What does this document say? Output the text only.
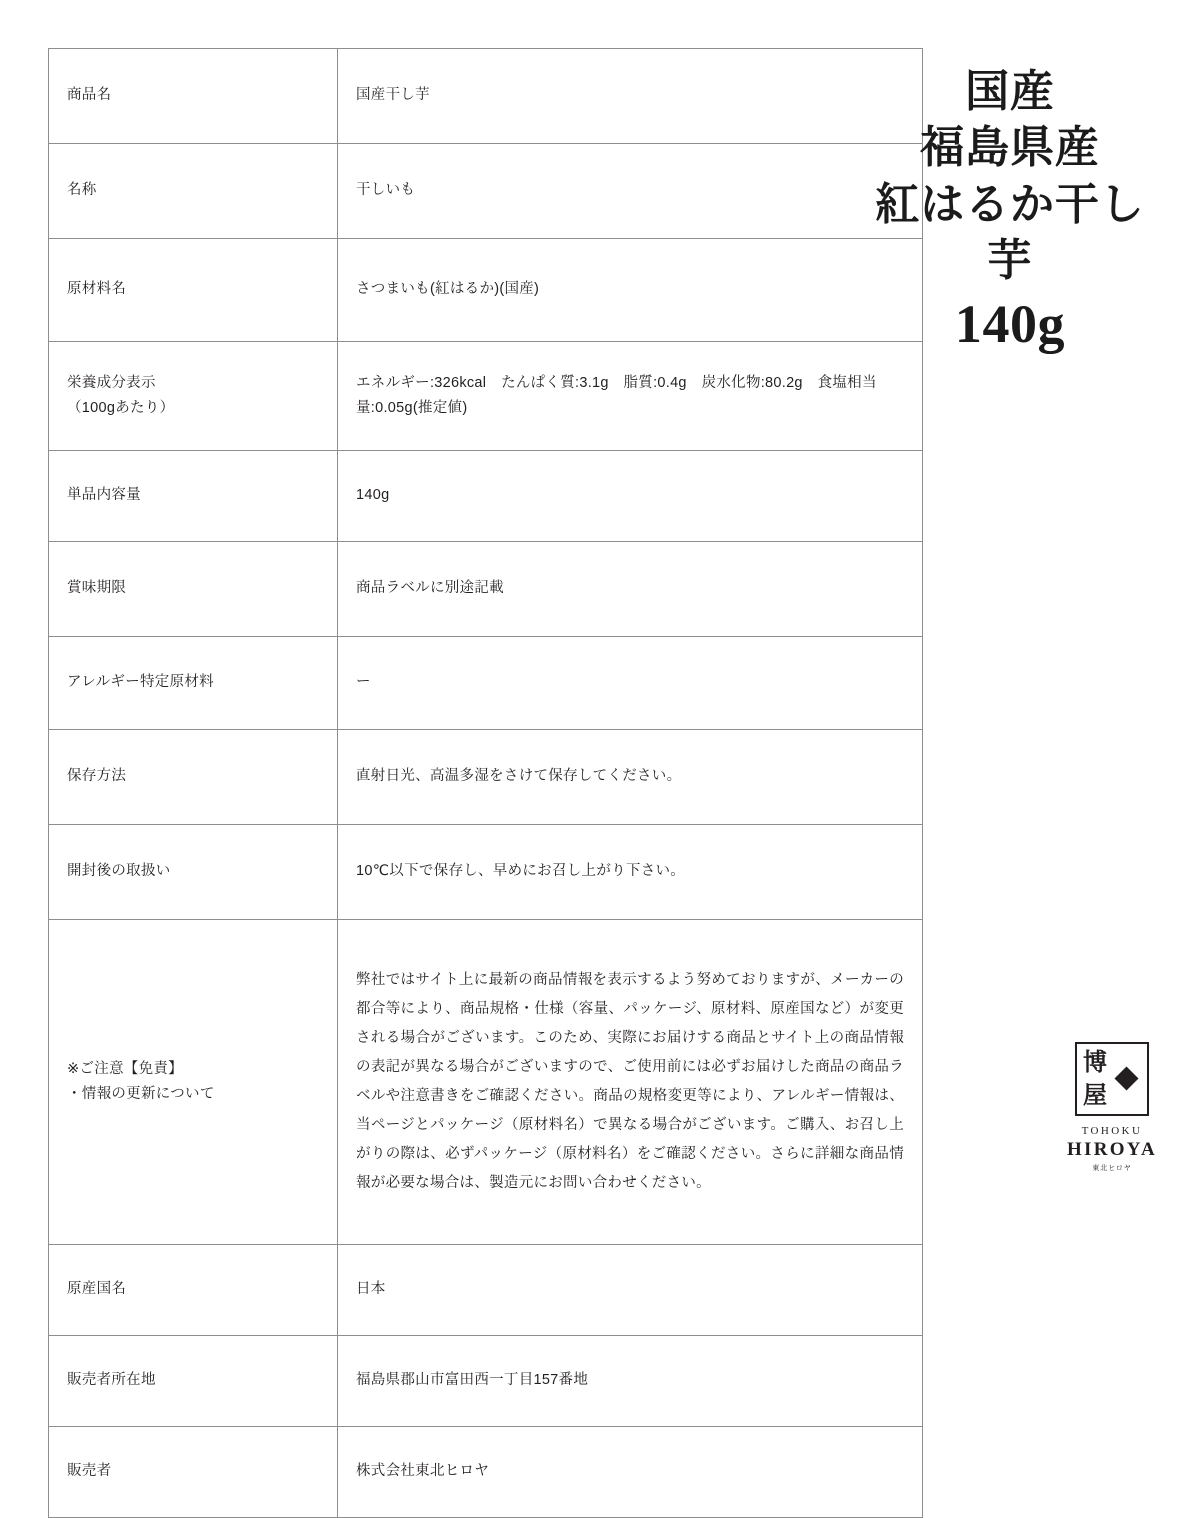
商品名	国産干し芋
名称	干しいも
原材料名	さつまいも(紅はるか)(国産)
栄養成分表示
（100gあたり）	エネルギー:326kcal　たんぱく質:3.1g　脂質:0.4g　炭水化物:80.2g　食塩相当量:0.05g(推定値)
単品内容量	140g
賞味期限	商品ラベルに別途記載
アレルギー特定原材料	ー
保存方法	直射日光、高温多湿をさけて保存してください。
開封後の取扱い	10℃以下で保存し、早めにお召し上がり下さい。
※ご注意【免責】
・情報の更新について	弊社ではサイト上に最新の商品情報を表示するよう努めておりますが、メーカーの都合等により、商品規格・仕様（容量、パッケージ、原材料、原産国など）が変更される場合がございます。このため、実際にお届けする商品とサイト上の商品情報の表記が異なる場合がございますので、ご使用前には必ずお届けした商品の商品ラベルや注意書きをご確認ください。商品の規格変更等により、アレルギー情報は、当ページとパッケージ（原材料名）で異なる場合がございます。ご購入、お召し上がりの際は、必ずパッケージ（原材料名）をご確認ください。さらに詳細な商品情報が必要な場合は、製造元にお問い合わせください。

原産国名	日本
販売者所在地	福島県郡山市富田西一丁目157番地
販売者	株式会社東北ヒロヤ
国産
福島県産
紅はるか干し芋
140g
博
屋
TOHOKU
HIROYA
東北ヒロヤ
